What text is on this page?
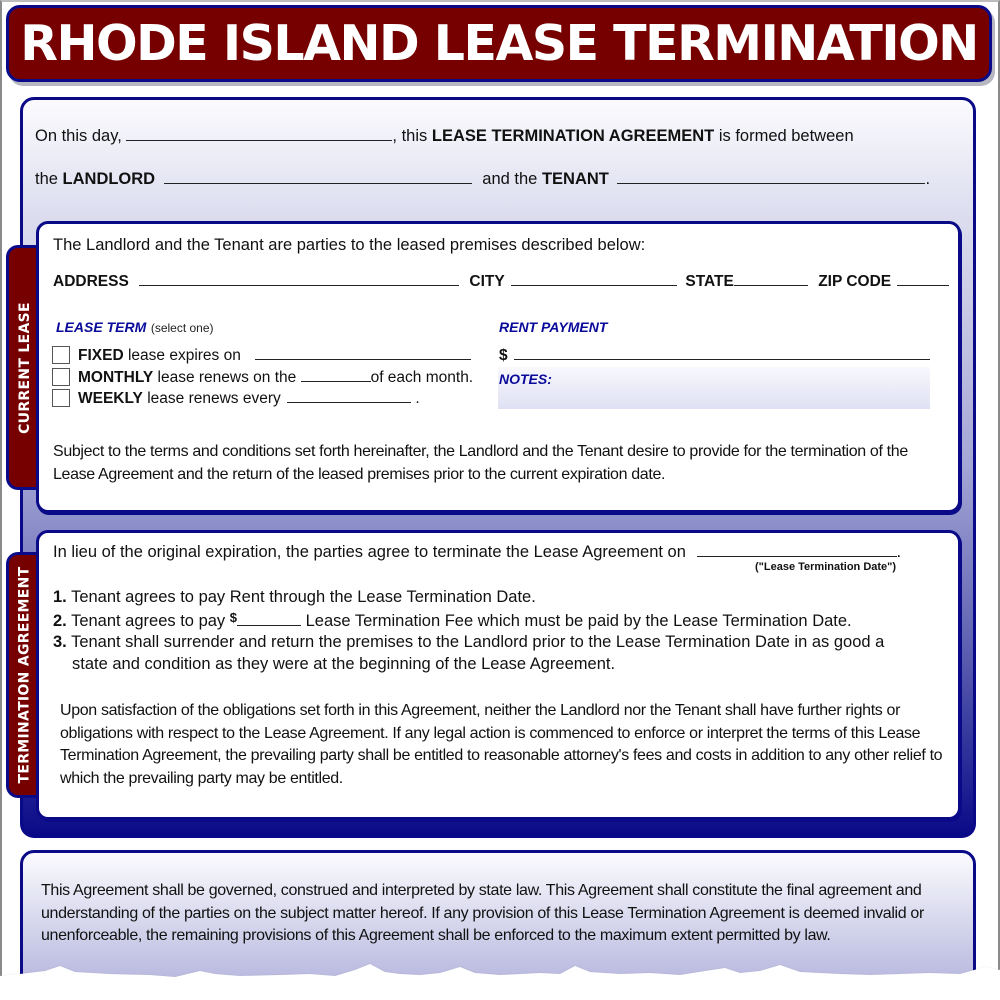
RHODE ISLAND LEASE TERMINATION
On this day,	, this LEASE TERMINATION AGREEMENT is formed between
the LANDLORD	and the TENANT	.
CURRENT LEASE
The Landlord and the Tenant are parties to the leased premises described below:
ADDRESS	CITY	STATE	ZIP CODE
LEASE TERM (select one)
FIXED lease expires on
MONTHLY lease renews on the	of each month.
WEEKLY lease renews every	.
RENT PAYMENT
$
NOTES:
Subject to the terms and conditions set forth hereinafter, the Landlord and the Tenant desire to provide for the termination of the Lease Agreement and the return of the leased premises prior to the current expiration date.
TERMINATION AGREEMENT
In lieu of the original expiration, the parties agree to terminate the Lease Agreement on	.
("Lease Termination Date")
1. Tenant agrees to pay Rent through the Lease Termination Date.
2. Tenant agrees to pay $	Lease Termination Fee which must be paid by the Lease Termination Date.
3. Tenant shall surrender and return the premises to the Landlord prior to the Lease Termination Date in as good a
state and condition as they were at the beginning of the Lease Agreement.
Upon satisfaction of the obligations set forth in this Agreement, neither the Landlord nor the Tenant shall have further rights or obligations with respect to the Lease Agreement. If any legal action is commenced to enforce or interpret the terms of this Lease Termination Agreement, the prevailing party shall be entitled to reasonable attorney's fees and costs in addition to any other relief to which the prevailing party may be entitled.
This Agreement shall be governed, construed and interpreted by state law. This Agreement shall constitute the final agreement and understanding of the parties on the subject matter hereof. If any provision of this Lease Termination Agreement is deemed invalid or unenforceable, the remaining provisions of this Agreement shall be enforced to the maximum extent permitted by law.
